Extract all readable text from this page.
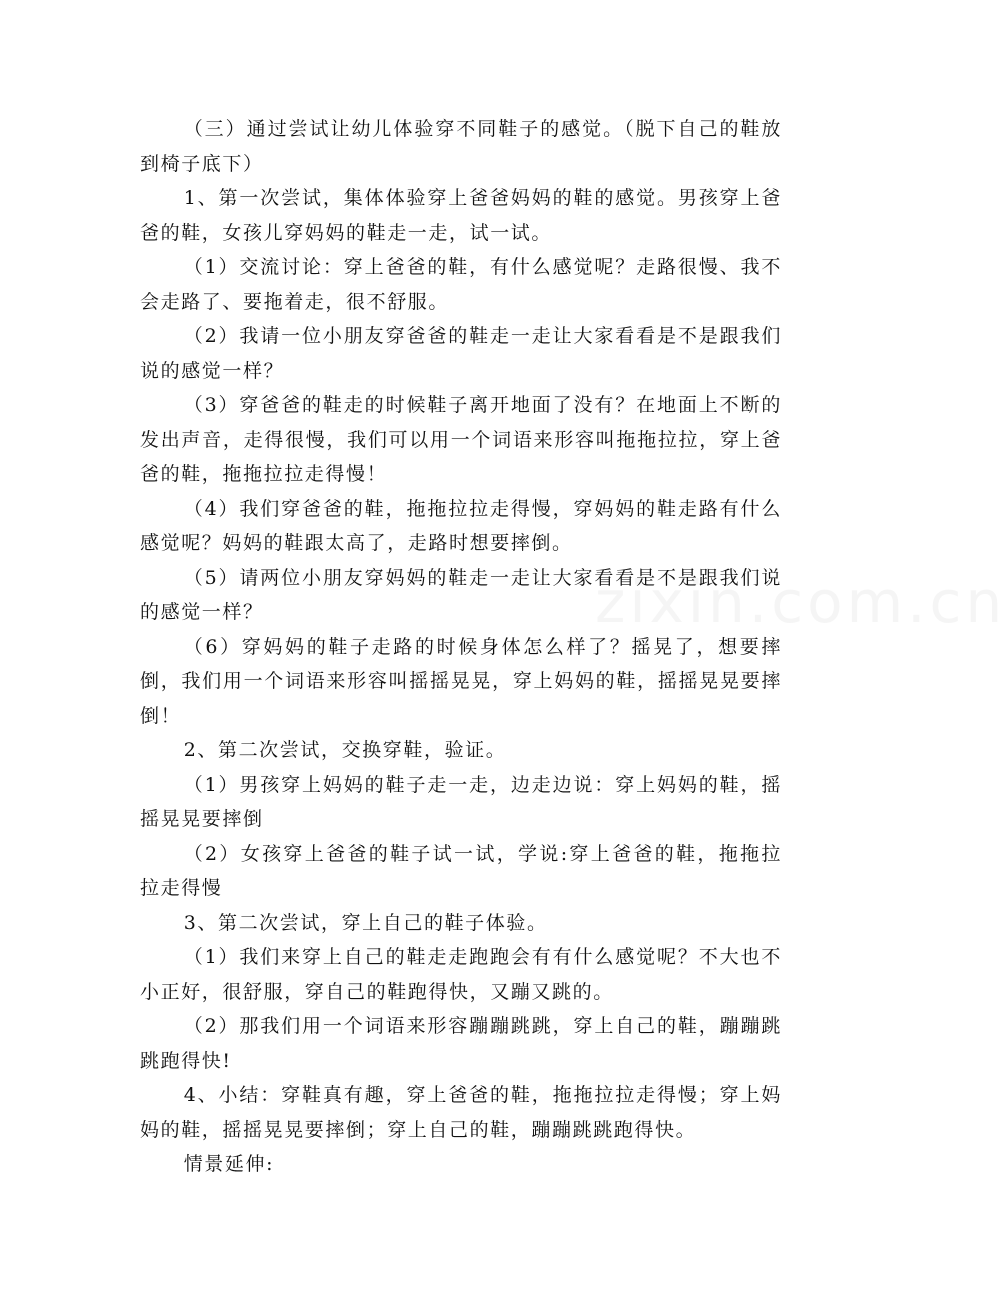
zixin.com.cn

（三）通过尝试让幼儿体验穿不同鞋子的感觉。（脱下自己的鞋放到椅子底下）

1、第一次尝试，集体体验穿上爸爸妈妈的鞋的感觉。男孩穿上爸爸的鞋，女孩儿穿妈妈的鞋走一走，试一试。

（1）交流讨论：穿上爸爸的鞋，有什么感觉呢？走路很慢、我不会走路了、要拖着走，很不舒服。

（2）我请一位小朋友穿爸爸的鞋走一走让大家看看是不是跟我们说的感觉一样？

（3）穿爸爸的鞋走的时候鞋子离开地面了没有？在地面上不断的发出声音，走得很慢，我们可以用一个词语来形容叫拖拖拉拉，穿上爸爸的鞋，拖拖拉拉走得慢！

（4）我们穿爸爸的鞋，拖拖拉拉走得慢，穿妈妈的鞋走路有什么感觉呢？妈妈的鞋跟太高了，走路时想要摔倒。

（5）请两位小朋友穿妈妈的鞋走一走让大家看看是不是跟我们说的感觉一样？

（6）穿妈妈的鞋子走路的时候身体怎么样了？摇晃了，想要摔倒，我们用一个词语来形容叫摇摇晃晃，穿上妈妈的鞋，摇摇晃晃要摔倒！

2、第二次尝试，交换穿鞋，验证。

（1）男孩穿上妈妈的鞋子走一走，边走边说：穿上妈妈的鞋，摇摇晃晃要摔倒

（2）女孩穿上爸爸的鞋子试一试，学说:穿上爸爸的鞋，拖拖拉拉走得慢

3、第二次尝试，穿上自己的鞋子体验。

（1）我们来穿上自己的鞋走走跑跑会有有什么感觉呢？不大也不小正好，很舒服，穿自己的鞋跑得快，又蹦又跳的。

（2）那我们用一个词语来形容蹦蹦跳跳，穿上自己的鞋，蹦蹦跳跳跑得快!

4、小结：穿鞋真有趣，穿上爸爸的鞋，拖拖拉拉走得慢；穿上妈妈的鞋，摇摇晃晃要摔倒；穿上自己的鞋，蹦蹦跳跳跑得快。

情景延伸:
